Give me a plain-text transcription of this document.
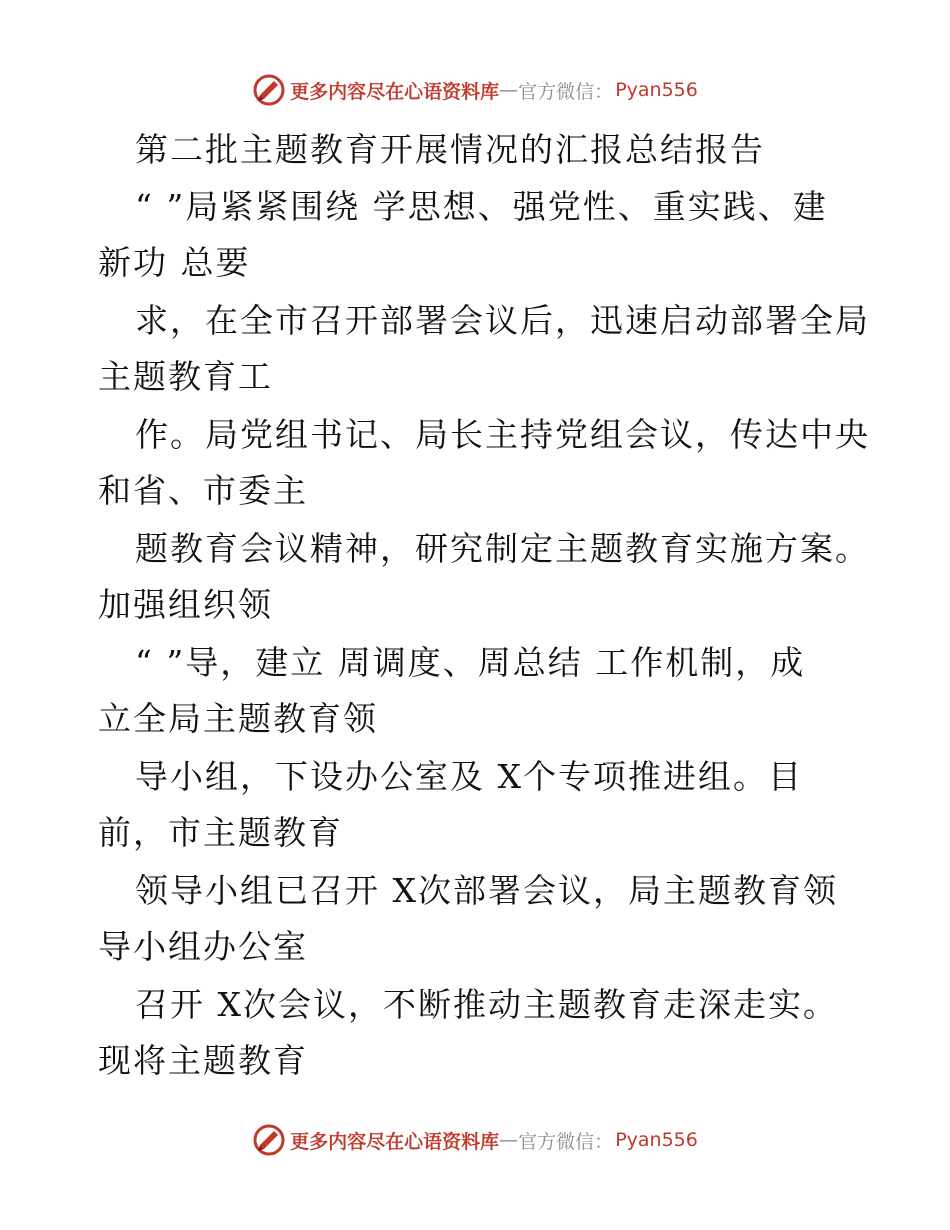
更多内容尽在心语资料库 — 官方微信： Pyan556
第二批主题教育开展情况的汇报总结报告
“ ”局紧紧围绕 学思想、强党性、重实践、建
新功 总要
求，在全市召开部署会议后，迅速启动部署全局
主题教育工
作。局党组书记、局长主持党组会议，传达中央
和省、市委主
题教育会议精神，研究制定主题教育实施方案。
加强组织领
“ ”导，建立 周调度、周总结 工作机制，成
立全局主题教育领
导小组，下设办公室及 X个专项推进组。目
前，市主题教育
领导小组已召开 X次部署会议，局主题教育领
导小组办公室
召开 X次会议，不断推动主题教育走深走实。
现将主题教育
更多内容尽在心语资料库 — 官方微信： Pyan556
